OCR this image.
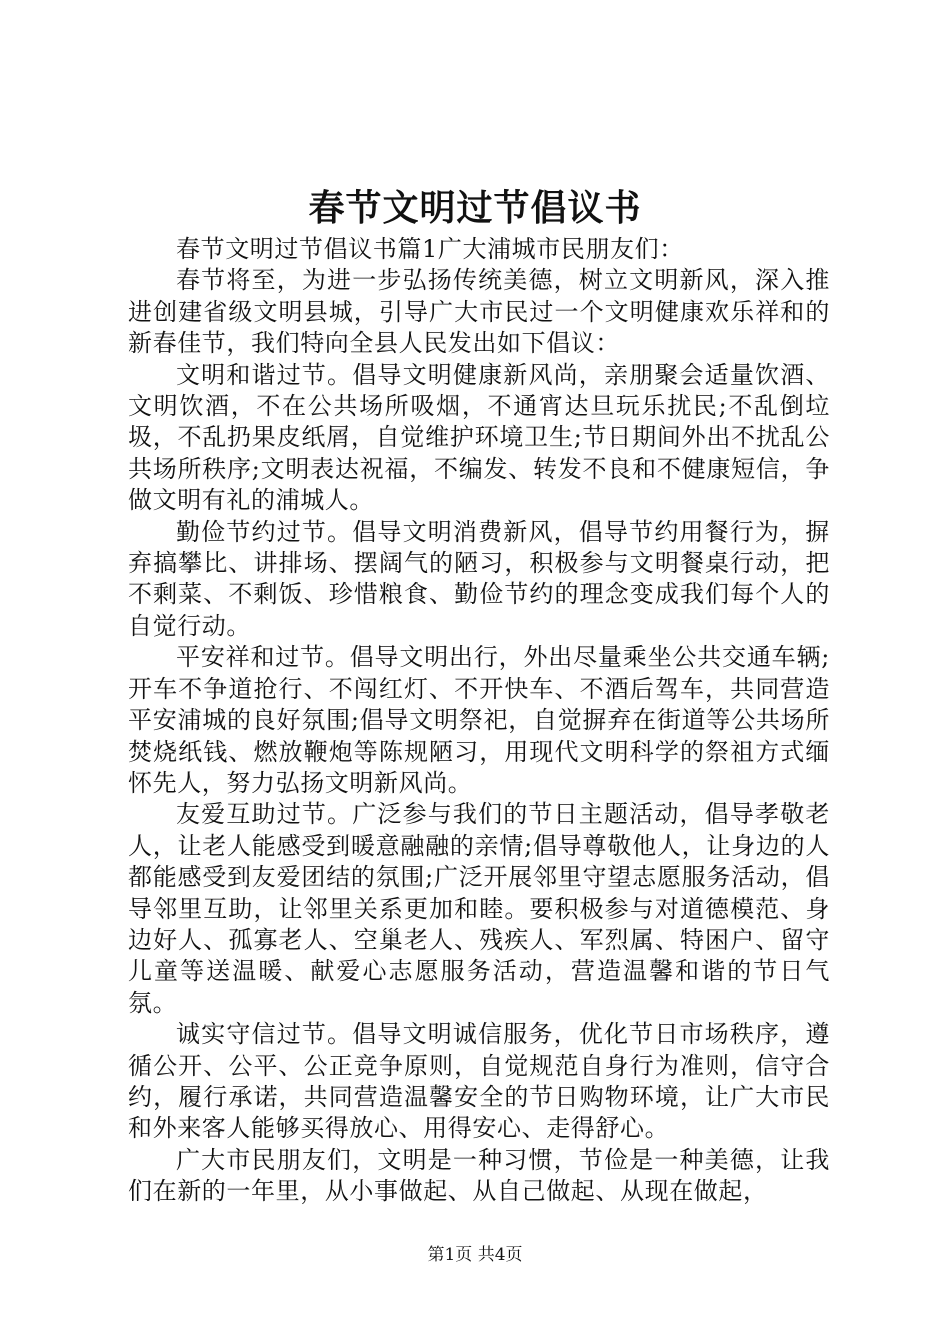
春节文明过节倡议书

春节文明过节倡议书篇1广大浦城市民朋友们：

春节将至，为进一步弘扬传统美德，树立文明新风，深入推进创建省级文明县城，引导广大市民过一个文明健康欢乐祥和的新春佳节，我们特向全县人民发出如下倡议：

文明和谐过节。倡导文明健康新风尚，亲朋聚会适量饮酒、文明饮酒，不在公共场所吸烟，不通宵达旦玩乐扰民;不乱倒垃圾，不乱扔果皮纸屑，自觉维护环境卫生;节日期间外出不扰乱公共场所秩序;文明表达祝福，不编发、转发不良和不健康短信，争做文明有礼的浦城人。

勤俭节约过节。倡导文明消费新风，倡导节约用餐行为，摒弃搞攀比、讲排场、摆阔气的陋习，积极参与文明餐桌行动，把不剩菜、不剩饭、珍惜粮食、勤俭节约的理念变成我们每个人的自觉行动。

平安祥和过节。倡导文明出行，外出尽量乘坐公共交通车辆;开车不争道抢行、不闯红灯、不开快车、不酒后驾车，共同营造平安浦城的良好氛围;倡导文明祭祀，自觉摒弃在街道等公共场所焚烧纸钱、燃放鞭炮等陈规陋习，用现代文明科学的祭祖方式缅怀先人，努力弘扬文明新风尚。

友爱互助过节。广泛参与我们的节日主题活动，倡导孝敬老人，让老人能感受到暖意融融的亲情;倡导尊敬他人，让身边的人都能感受到友爱团结的氛围;广泛开展邻里守望志愿服务活动，倡导邻里互助，让邻里关系更加和睦。要积极参与对道德模范、身边好人、孤寡老人、空巢老人、残疾人、军烈属、特困户、留守儿童等送温暖、献爱心志愿服务活动，营造温馨和谐的节日气氛。

诚实守信过节。倡导文明诚信服务，优化节日市场秩序，遵循公开、公平、公正竞争原则，自觉规范自身行为准则，信守合约，履行承诺，共同营造温馨安全的节日购物环境，让广大市民和外来客人能够买得放心、用得安心、走得舒心。

广大市民朋友们，文明是一种习惯，节俭是一种美德，让我们在新的一年里，从小事做起、从自己做起、从现在做起，

第1页 共4页
